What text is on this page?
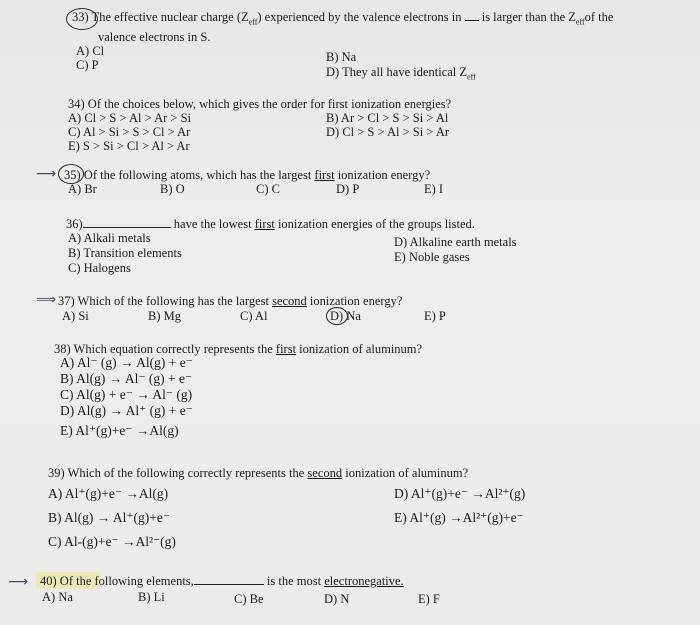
33) The effective nuclear charge $(Z_{eff})$ experienced by the valence electrons in is larger than the $Z_{eff}of$ the
valence electrons in S.
A) Cl
C) P
B) Na
D) They all have identical $Z_{eff}$
34) Of the choices below, which gives the order for first ionization energies?
A) Cl > S > Al > Ar > Si	B) Ar > Cl > S > Si > Al
C) Al > Si > S > Cl > Ar	D) Cl > S > Al > Si > Ar
E) S > Si > Cl > Al > Ar
⟶ 35) Of the following atoms, which has the largest first ionization energy?
A) Br	B) O	C) C	D) P	E) I
36)	have the lowest first ionization energies of the groups listed.
A) Alkali metals
B) Transition elements
C) Halogens
D) Alkaline earth metals
E) Noble gases
⟹ 37) Which of the following has the largest second ionization energy?
A) Si	B) Mg	C) Al	D) Na	E) P
38) Which equation correctly represents the first ionization of aluminum?
A) Al⁻ (g) → Al(g) + e⁻
B) Al(g) → Al⁻ (g) + e⁻
C) Al(g) + e⁻ → Al⁻ (g)
D) Al(g) → Al⁺ (g) + e⁻
E) Al⁺(g)+e⁻ →Al(g)
39) Which of the following correctly represents the second ionization of aluminum?
A) Al⁺(g)+e⁻ →Al(g)
B) Al(g) → Al⁺(g)+e⁻
C) Al-(g)+e⁻ →Al²⁻(g)
D) Al⁺(g)+e⁻ →Al²⁺(g)
E) Al⁺(g) →Al²⁺(g)+e⁻
⟶ 40) Of the following elements,	is the most electronegative.
A) Na	B) Li	C) Be	D) N	E) F
